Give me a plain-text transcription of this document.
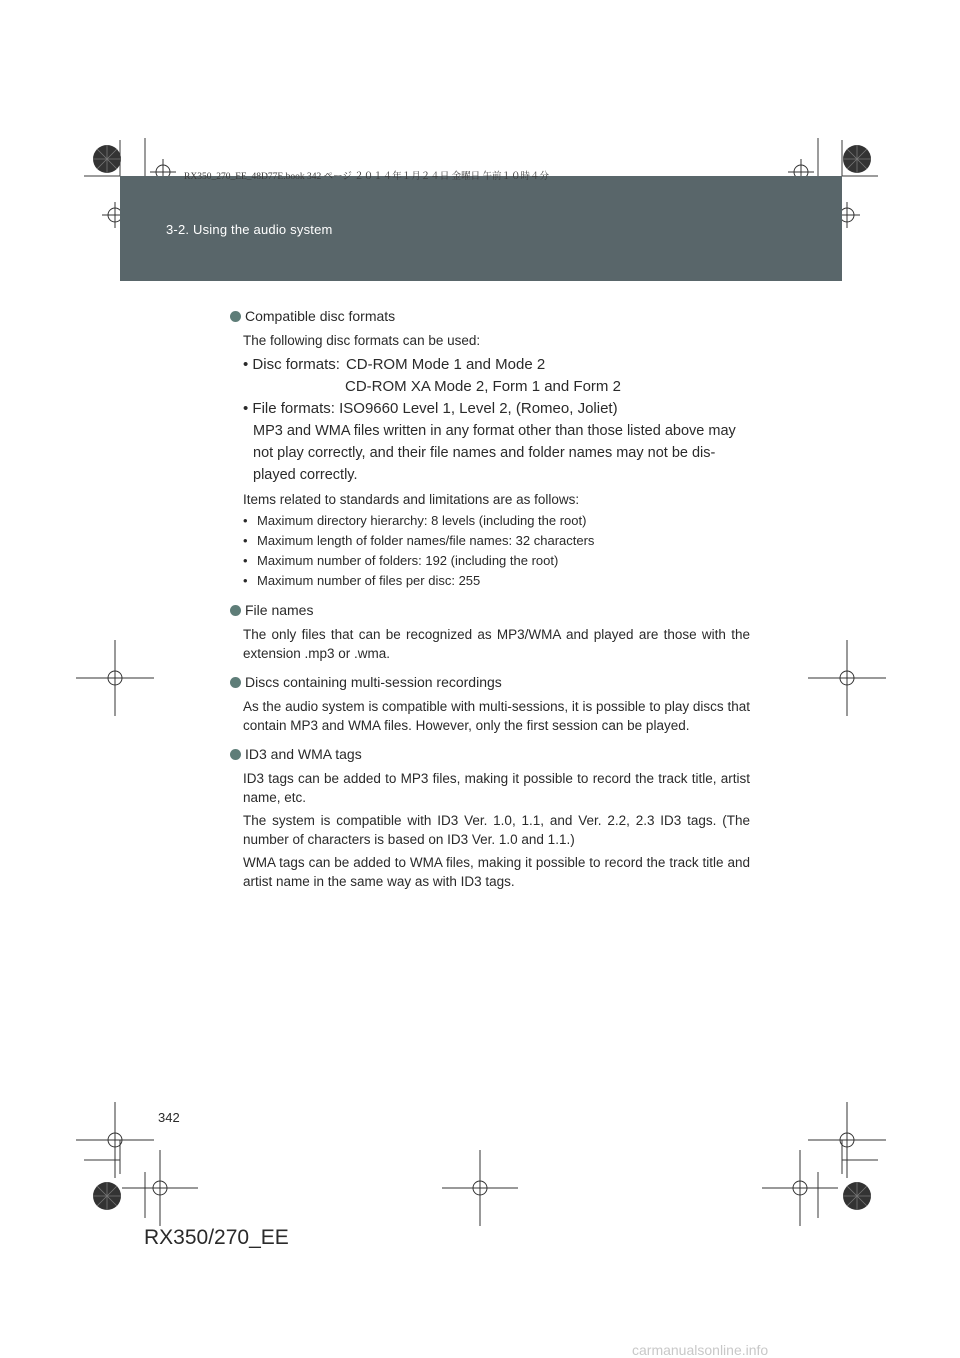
3-2. Using the audio system
RX350_270_EE_48D77E.book 342 ページ ２０１４年１月２４日 金曜日 午前１０時４分
Compatible disc formats
The following disc formats can be used:
• Disc formats: CD-ROM Mode 1 and Mode 2
CD-ROM XA Mode 2, Form 1 and Form 2
• File formats: ISO9660 Level 1, Level 2, (Romeo, Joliet)
MP3 and WMA files written in any format other than those listed above may not play correctly, and their file names and folder names may not be dis- played correctly.
Items related to standards and limitations are as follows:
• Maximum directory hierarchy: 8 levels (including the root)
• Maximum length of folder names/file names: 32 characters
• Maximum number of folders: 192 (including the root)
• Maximum number of files per disc: 255
File names
The only files that can be recognized as MP3/WMA and played are those with the extension .mp3 or .wma.
Discs containing multi-session recordings
As the audio system is compatible with multi-sessions, it is possible to play discs that contain MP3 and WMA files. However, only the first session can be played.
ID3 and WMA tags
ID3 tags can be added to MP3 files, making it possible to record the track title, artist name, etc.
The system is compatible with ID3 Ver. 1.0, 1.1, and Ver. 2.2, 2.3 ID3 tags. (The number of characters is based on ID3 Ver. 1.0 and 1.1.)
WMA tags can be added to WMA files, making it possible to record the track title and artist name in the same way as with ID3 tags.
342
RX350/270_EE
carmanualsonline.info
